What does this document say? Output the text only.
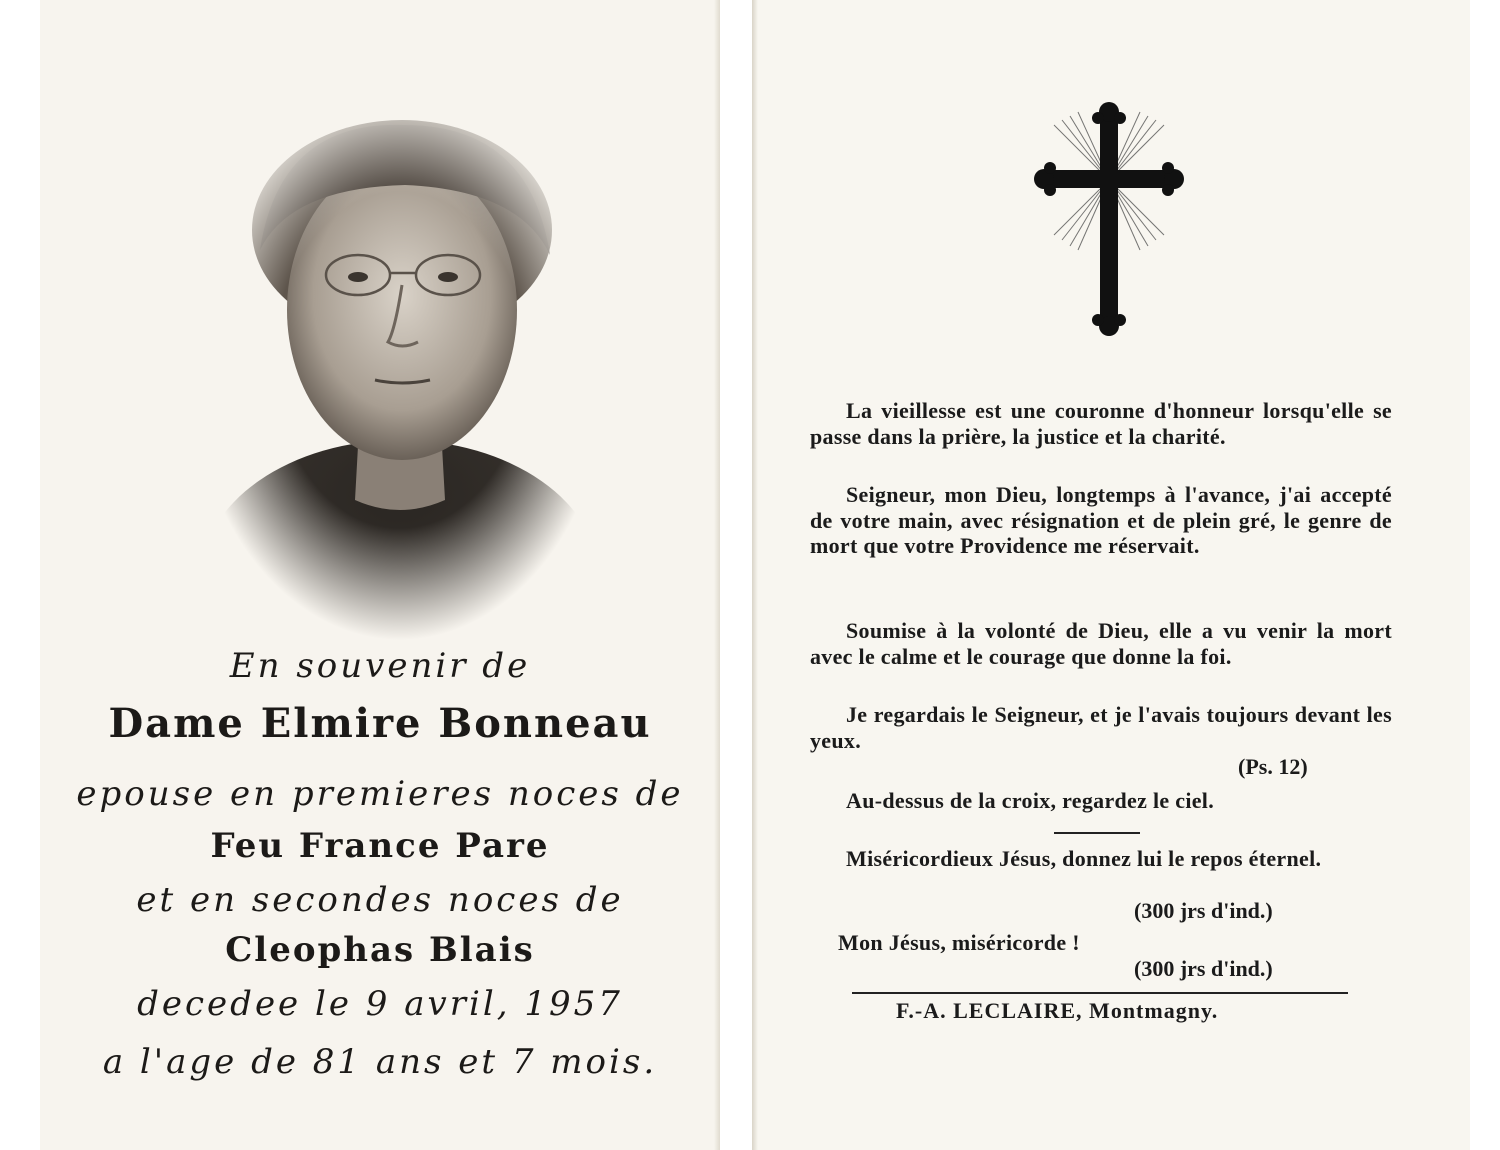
En souvenir de
Dame Elmire Bonneau
epouse en premieres noces de
Feu France Pare
et en secondes noces de
Cleophas Blais
decedee le 9 avril, 1957
a l'age de 81 ans et 7 mois.

La vieillesse est une couronne d'honneur lorsqu'elle se passe dans la prière, la justice et la charité.

Seigneur, mon Dieu, longtemps à l'avance, j'ai accepté de votre main, avec résignation et de plein gré, le genre de mort que votre Providence me réservait.

Soumise à la volonté de Dieu, elle a vu venir la mort avec le calme et le courage que donne la foi.

Je regardais le Seigneur, et je l'avais toujours devant les yeux.

(Ps. 12)

Au-dessus de la croix, regardez le ciel.

Miséricordieux Jésus, donnez lui le repos éternel.

(300 jrs d'ind.)

Mon Jésus, miséricorde !

(300 jrs d'ind.)
F.-A. LECLAIRE, Montmagny.
